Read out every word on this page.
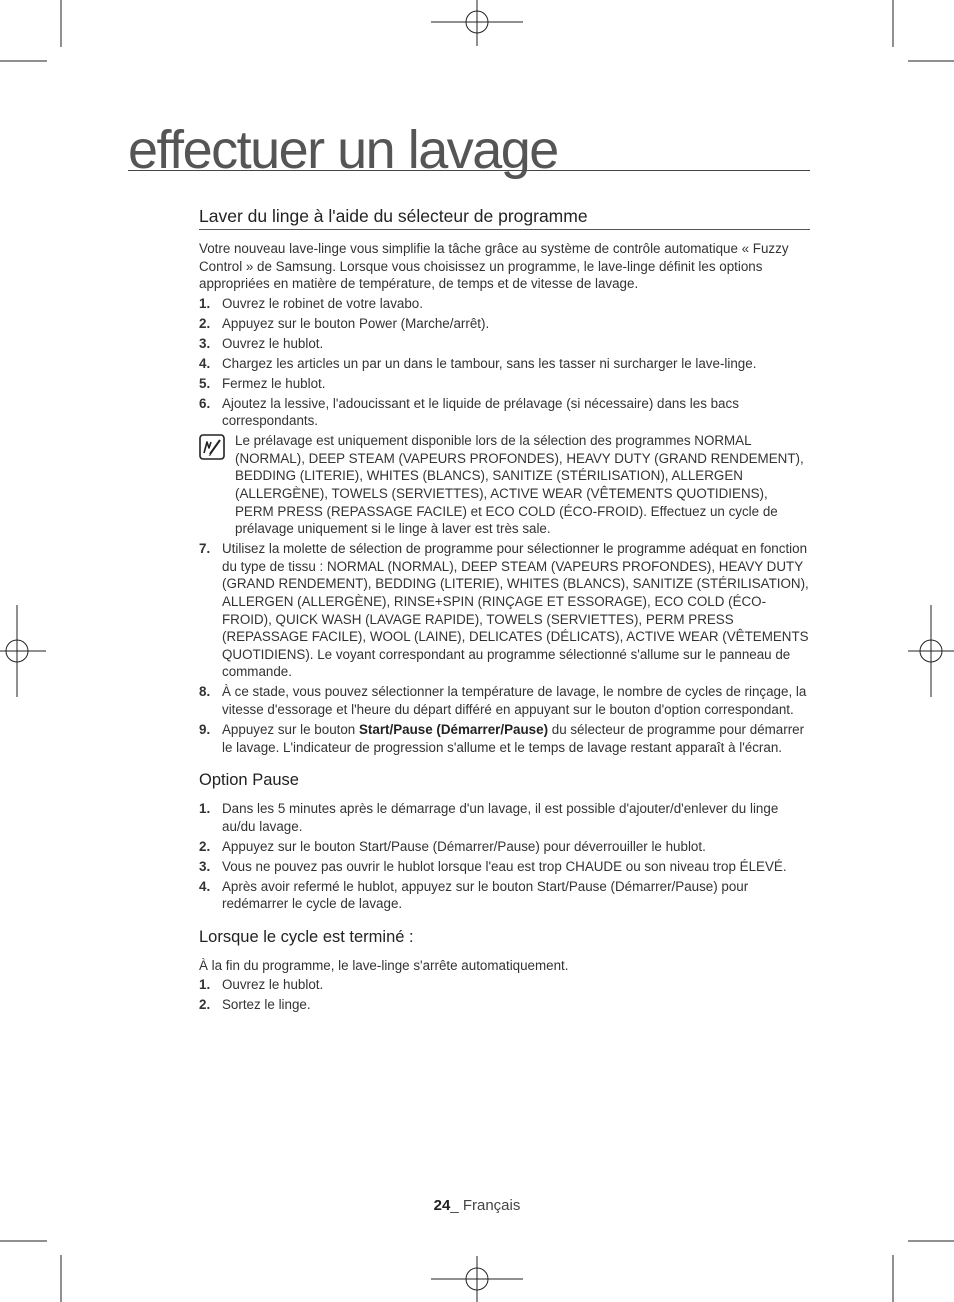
effectuer un lavage
Laver du linge à l'aide du sélecteur de programme

Votre nouveau lave-linge vous simplifie la tâche grâce au système de contrôle automatique « Fuzzy Control » de Samsung. Lorsque vous choisissez un programme, le lave-linge définit les options appropriées en matière de température, de temps et de vitesse de lavage.

1. Ouvrez le robinet de votre lavabo.
2. Appuyez sur le bouton Power (Marche/arrêt).
3. Ouvrez le hublot.
4. Chargez les articles un par un dans le tambour, sans les tasser ni surcharger le lave-linge.
5. Fermez le hublot.
6. Ajoutez la lessive, l'adoucissant et le liquide de prélavage (si nécessaire) dans les bacs correspondants.
Le prélavage est uniquement disponible lors de la sélection des programmes NORMAL (NORMAL), DEEP STEAM (VAPEURS PROFONDES), HEAVY DUTY (GRAND RENDEMENT), BEDDING (LITERIE), WHITES (BLANCS), SANITIZE (STÉRILISATION), ALLERGEN (ALLERGÈNE), TOWELS (SERVIETTES), ACTIVE WEAR (VÊTEMENTS QUOTIDIENS), PERM PRESS (REPASSAGE FACILE) et ECO COLD (ÉCO-FROID). Effectuez un cycle de prélavage uniquement si le linge à laver est très sale.
7. Utilisez la molette de sélection de programme pour sélectionner le programme adéquat en fonction du type de tissu : NORMAL (NORMAL), DEEP STEAM (VAPEURS PROFONDES), HEAVY DUTY (GRAND RENDEMENT), BEDDING (LITERIE), WHITES (BLANCS), SANITIZE (STÉRILISATION), ALLERGEN (ALLERGÈNE), RINSE+SPIN (RINÇAGE ET ESSORAGE), ECO COLD (ÉCO-FROID), QUICK WASH (LAVAGE RAPIDE), TOWELS (SERVIETTES), PERM PRESS (REPASSAGE FACILE), WOOL (LAINE), DELICATES (DÉLICATS), ACTIVE WEAR (VÊTEMENTS QUOTIDIENS). Le voyant correspondant au programme sélectionné s'allume sur le panneau de commande.
8. À ce stade, vous pouvez sélectionner la température de lavage, le nombre de cycles de rinçage, la vitesse d'essorage et l'heure du départ différé en appuyant sur le bouton d'option correspondant.
9. Appuyez sur le bouton Start/Pause (Démarrer/Pause) du sélecteur de programme pour démarrer le lavage. L'indicateur de progression s'allume et le temps de lavage restant apparaît à l'écran.
Option Pause
1. Dans les 5 minutes après le démarrage d'un lavage, il est possible d'ajouter/d'enlever du linge au/du lavage.
2. Appuyez sur le bouton Start/Pause (Démarrer/Pause) pour déverrouiller le hublot.
3. Vous ne pouvez pas ouvrir le hublot lorsque l'eau est trop CHAUDE ou son niveau trop ÉLEVÉ.
4. Après avoir refermé le hublot, appuyez sur le bouton Start/Pause (Démarrer/Pause) pour redémarrer le cycle de lavage.
Lorsque le cycle est terminé :

À la fin du programme, le lave-linge s'arrête automatiquement.

1. Ouvrez le hublot.
2. Sortez le linge.
24_ Français
